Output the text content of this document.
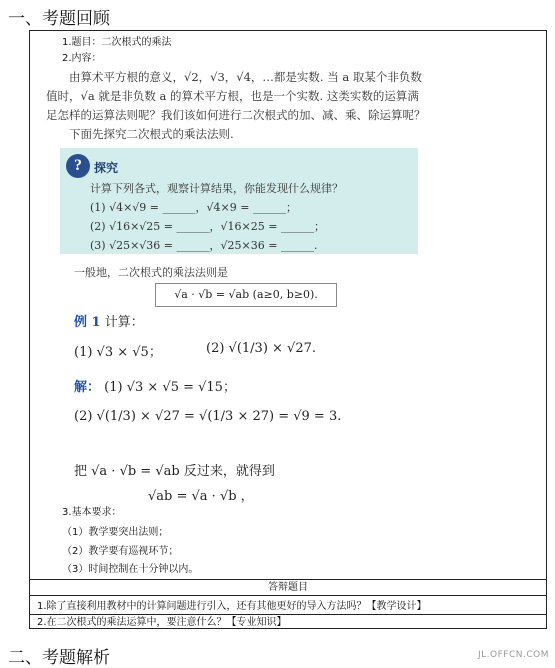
一、考题回顾
1.题目：二次根式的乘法
2.内容：

由算术平方根的意义，√2，√3，√4，…都是实数. 当 a 取某个非负数值时，√a 就是非负数 a 的算术平方根，也是一个实数. 这类实数的运算满足怎样的运算法则呢？我们该如何进行二次根式的加、减、乘、除运算呢？

下面先探究二次根式的乘法法则.

?	探究
计算下列各式，观察计算结果，你能发现什么规律？
(1) √4×√9 = ______，√4×9 = ______；
(2) √16×√25 = ______，√16×25 = ______；
(3) √25×√36 = ______，√25×36 = ______.
一般地，二次根式的乘法法则是
√a · √b = √ab (a≥0, b≥0).
例 1 计算：
(1) √3 × √5；	(2) √(1/3) × √27.
解： (1) √3 × √5 = √15；
(2) √(1/3) × √27 = √(1/3 × 27) = √9 = 3.
把 √a · √b = √ab 反过来，就得到
√ab = √a · √b ，
3.基本要求：
（1）教学要突出法则；
（2）教学要有巡视环节；
（3）时间控制在十分钟以内。
答辩题目
1.除了直接利用教材中的计算问题进行引入，还有其他更好的导入方法吗？【教学设计】
2.在二次根式的乘法运算中，要注意什么？【专业知识】
二、考题解析	JL.OFFCN.COM
